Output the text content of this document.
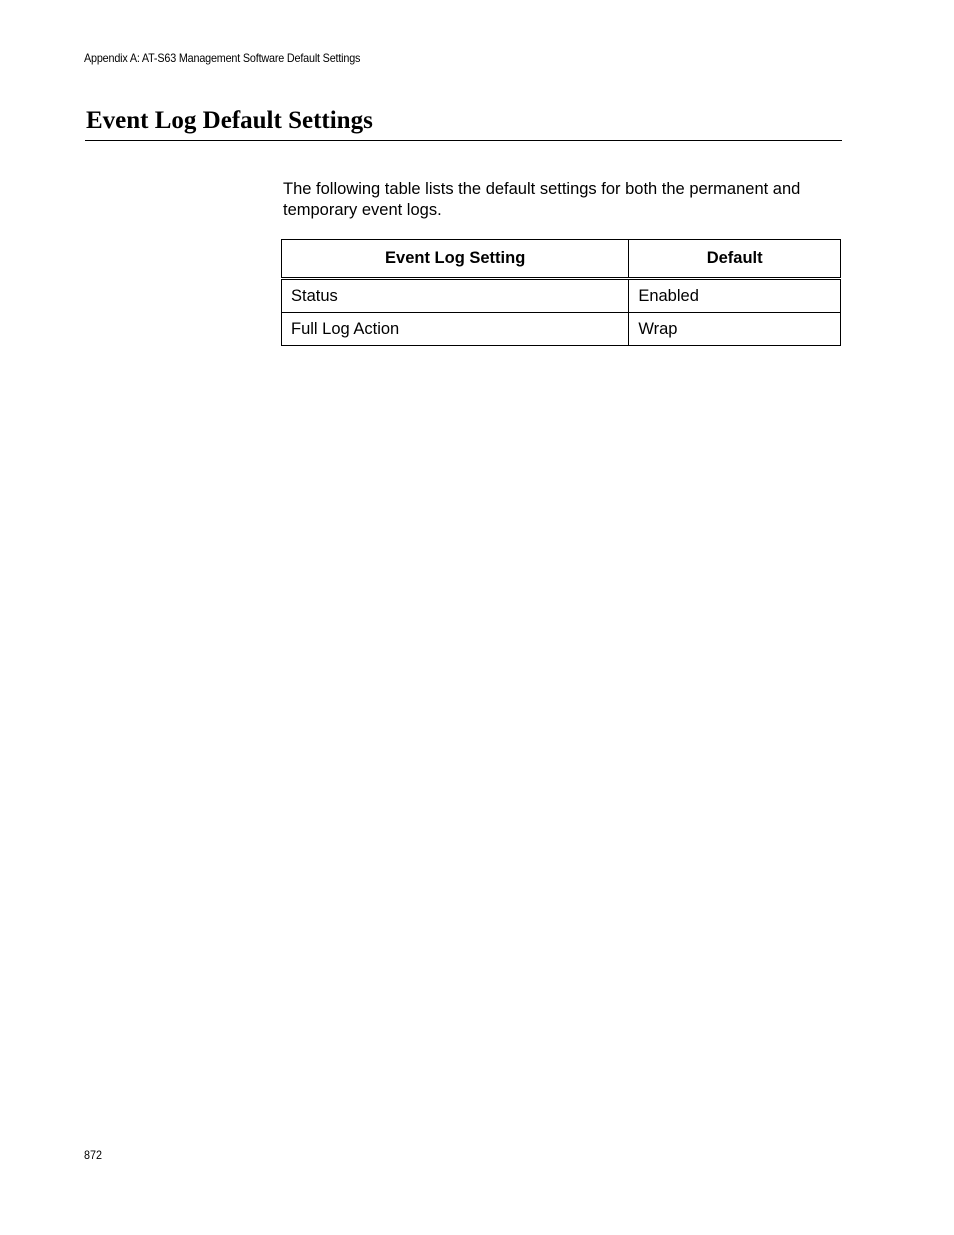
Appendix A: AT-S63 Management Software Default Settings
Event Log Default Settings

The following table lists the default settings for both the permanent and temporary event logs.

Event Log Setting	Default
Status	Enabled
Full Log Action	Wrap
872
